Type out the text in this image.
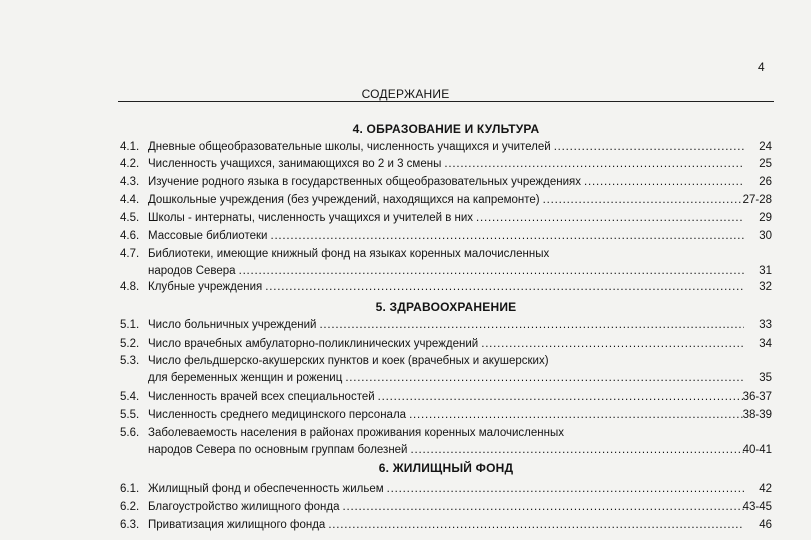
4
СОДЕРЖАНИЕ
4. ОБРАЗОВАНИЕ И КУЛЬТУРА
4.1. Дневные общеобразовательные школы, численность учащихся и учителей . . .	24
4.2. Численность учащихся, занимающихся во 2 и 3 смены . . .	25
4.3. Изучение родного языка в государственных общеобразовательных учреждениях . . .	26
4.4. Дошкольные учреждения (без учреждений, находящихся на капремонте) . . .	27-28
4.5. Школы - интернаты, численность учащихся и учителей в них . . .	29
4.6. Массовые библиотеки . . .	30
4.7. Библиотеки, имеющие книжный фонд на языках коренных малочисленных
народов Севера . . .	31
4.8. Клубные учреждения . . .	32
5. ЗДРАВООХРАНЕНИЕ
5.1. Число больничных учреждений . . .	33
5.2. Число врачебных амбулаторно-поликлинических учреждений . . .	34
5.3. Число фельдшерско-акушерских пунктов и коек (врачебных и акушерских)
для беременных женщин и рожениц . . .	35
5.4. Численность врачей всех специальностей . . .	36-37
5.5. Численность среднего медицинского персонала . . .	38-39
5.6. Заболеваемость населения в районах проживания коренных малочисленных
народов Севера по основным группам болезней . . .	40-41
6. ЖИЛИЩНЫЙ ФОНД
6.1. Жилищный фонд и обеспеченность жильем . . .	42
6.2. Благоустройство жилищного фонда . . .	43-45
6.3. Приватизация жилищного фонда . . .	46
